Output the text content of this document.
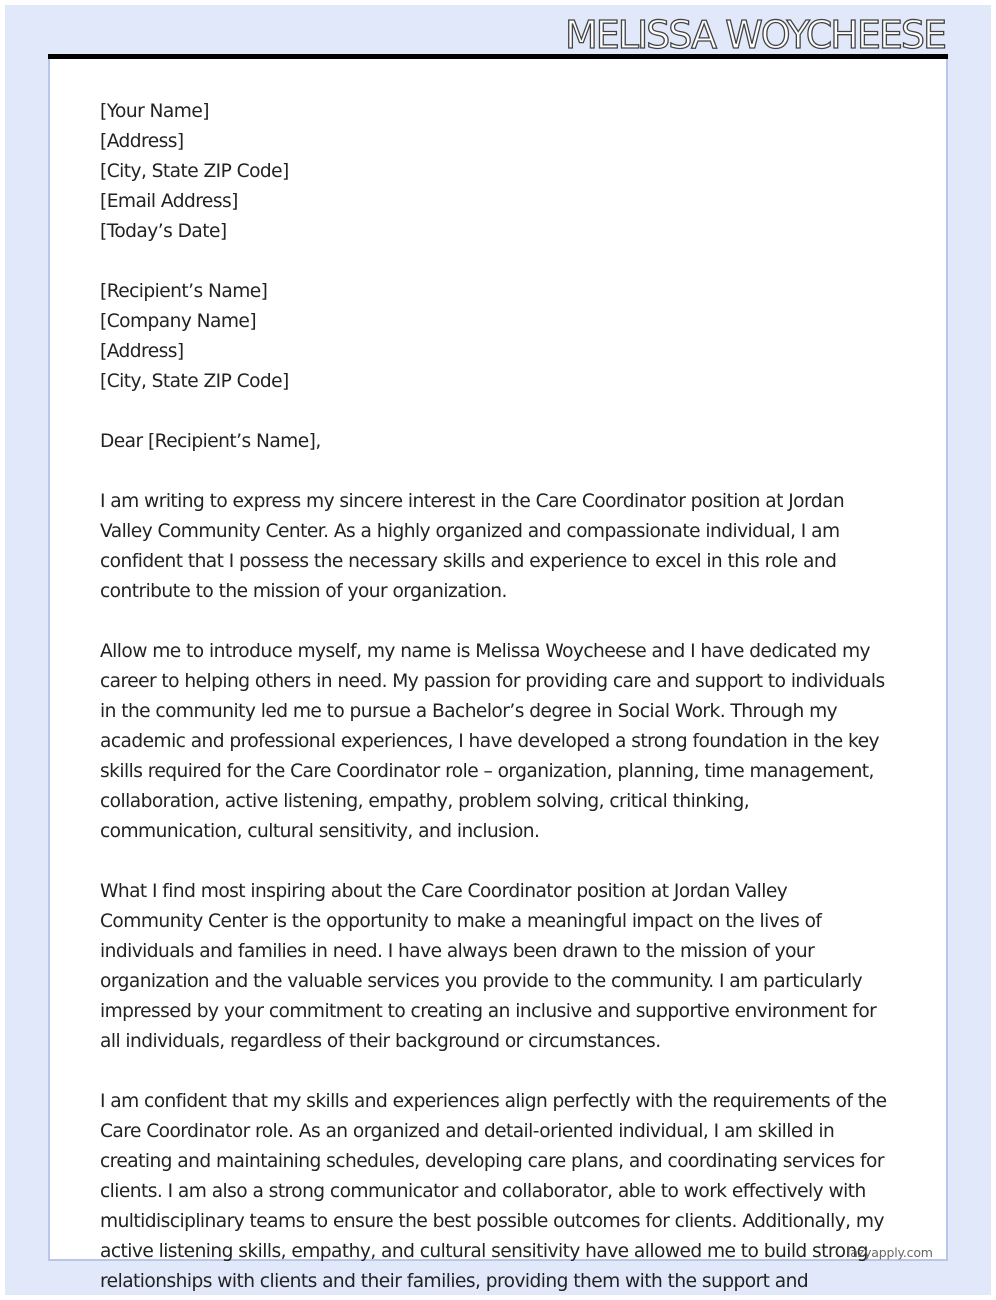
MELISSA WOYCHEESE
[Your Name]
[Address]
[City, State ZIP Code]
[Email Address]
[Today’s Date]
[Recipient’s Name]
[Company Name]
[Address]
[City, State ZIP Code]
Dear [Recipient’s Name],

I am writing to express my sincere interest in the Care Coordinator position at Jordan
Valley Community Center. As a highly organized and compassionate individual, I am
confident that I possess the necessary skills and experience to excel in this role and
contribute to the mission of your organization.

Allow me to introduce myself, my name is Melissa Woycheese and I have dedicated my
career to helping others in need. My passion for providing care and support to individuals
in the community led me to pursue a Bachelor’s degree in Social Work. Through my
academic and professional experiences, I have developed a strong foundation in the key
skills required for the Care Coordinator role – organization, planning, time management,
collaboration, active listening, empathy, problem solving, critical thinking,
communication, cultural sensitivity, and inclusion.

What I find most inspiring about the Care Coordinator position at Jordan Valley
Community Center is the opportunity to make a meaningful impact on the lives of
individuals and families in need. I have always been drawn to the mission of your
organization and the valuable services you provide to the community. I am particularly
impressed by your commitment to creating an inclusive and supportive environment for
all individuals, regardless of their background or circumstances.

I am confident that my skills and experiences align perfectly with the requirements of the
Care Coordinator role. As an organized and detail-oriented individual, I am skilled in
creating and maintaining schedules, developing care plans, and coordinating services for
clients. I am also a strong communicator and collaborator, able to work effectively with
multidisciplinary teams to ensure the best possible outcomes for clients. Additionally, my
active listening skills, empathy, and cultural sensitivity have allowed me to build strong
relationships with clients and their families, providing them with the support and

lazyapply.com
